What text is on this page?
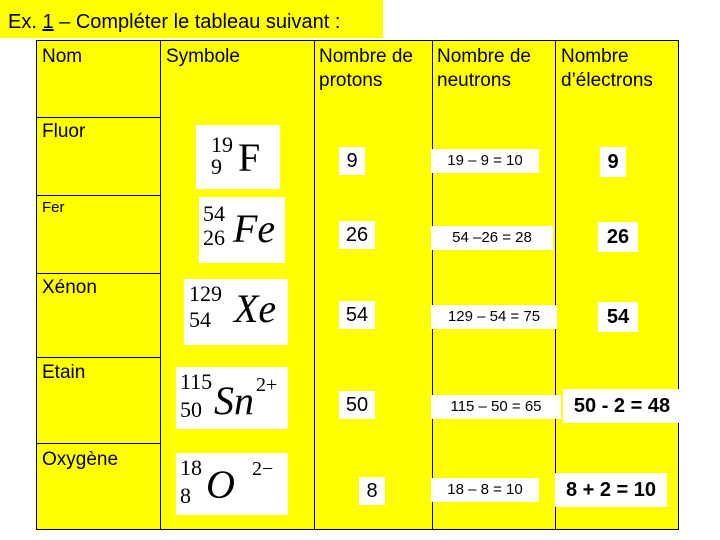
Ex. 1 – Compléter le tableau suivant :
Nom	Symbole	Nombre de
protons
Nombre de
neutrons
Nombre
d’électrons
Fluor
Fer
Xénon
Etain
Oxygène
19
9 F
54
26 Fe
129
54 Xe
115
50 Sn 2+
18
8 O 2−
9
26
54
50
8
19 – 9 = 10
54 –26 = 28
129 – 54 = 75
115 – 50 = 65
18 – 8 = 10
9
26
54
50 - 2 = 48
8 + 2 = 10
